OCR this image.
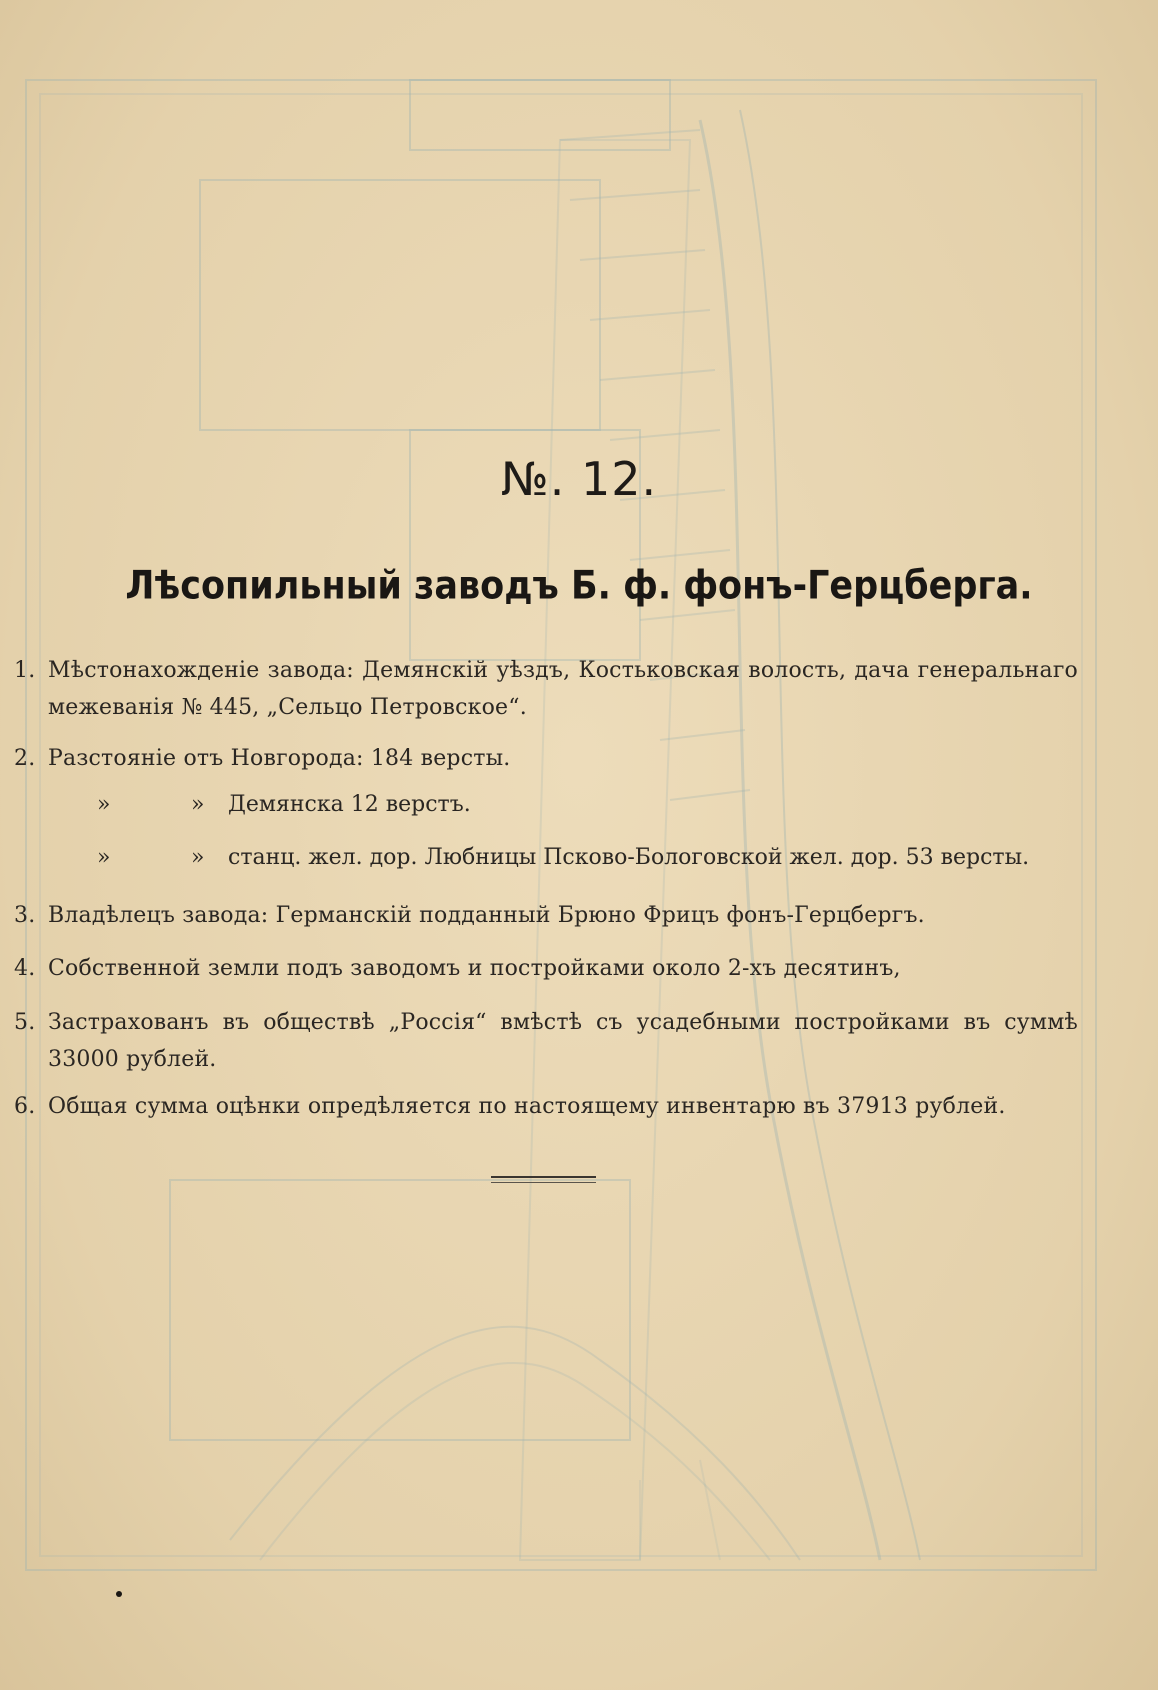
№. 12.
Лѣсопильный заводъ Б. ф. фонъ-Герцберга.
1. Мѣстонахожденіе завода: Демянскій уѣздъ, Костьковская волость, дача генеральнаго межеванія № 445, „Сельцо Петровское“.
2. Разстояніе отъ Новгорода: 184 версты.
»	» Демянска 12 верстъ.
»	» станц. жел. дор. Любницы Псково-Бологовской жел. дор. 53 версты.
3. Владѣлецъ завода: Германскій подданный Брюно Фрицъ фонъ-Герцбергъ.
4. Собственной земли подъ заводомъ и постройками около 2-хъ десятинъ,
5. Застрахованъ въ обществѣ „Россія“ вмѣстѣ съ усадебными постройками въ суммѣ 33000 рублей.
6. Общая сумма оцѣнки опредѣляется по настоящему инвентарю въ 37913 рублей.
